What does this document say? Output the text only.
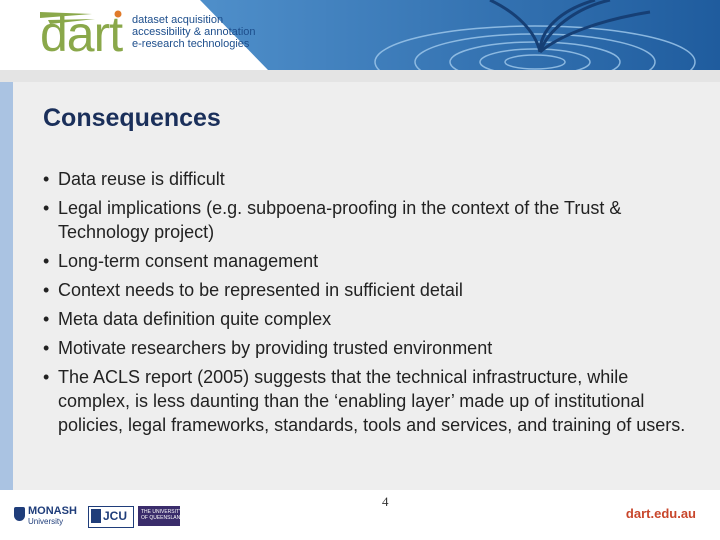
dart dataset acquisition
accessibility & annotation
e-research technologies
Consequences
• Data reuse is difficult
• Legal implications (e.g. subpoena-proofing in the context of the Trust & Technology project)
• Long-term consent management
• Context needs to be represented in sufficient detail
• Meta data definition quite complex
• Motivate researchers by providing trusted environment
• The ACLS report (2005) suggests that the technical infrastructure, while complex, is less daunting than the ‘enabling layer’ made up of institutional policies, legal frameworks, standards, tools and services, and training of users.
4
MONASH
University	JCU	THE UNIVERSITY
OF QUEENSLAND	dart.edu.au
